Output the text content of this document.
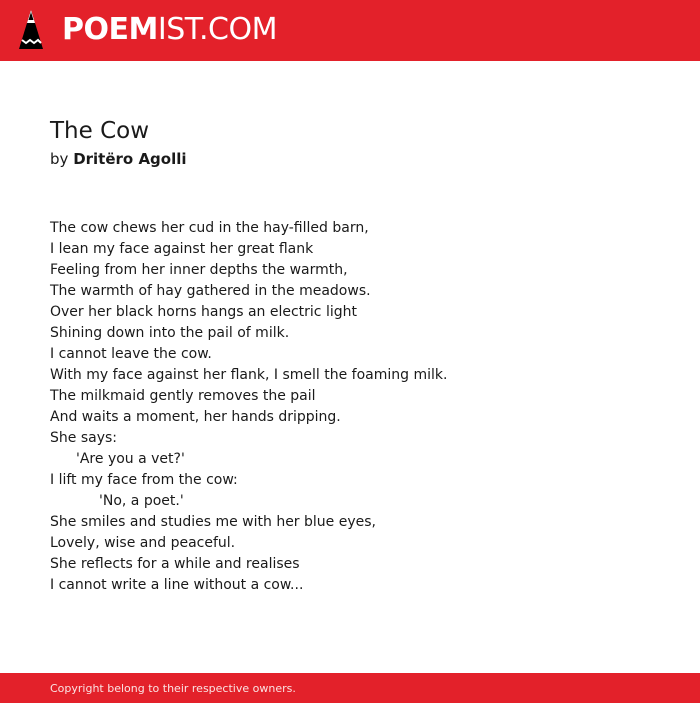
POEMIST.COM
The Cow

by Dritëro Agolli

The cow chews her cud in the hay-filled barn,
I lean my face against her great flank
Feeling from her inner depths the warmth,
The warmth of hay gathered in the meadows.
Over her black horns hangs an electric light
Shining down into the pail of milk.
I cannot leave the cow.
With my face against her flank, I smell the foaming milk.
The milkmaid gently removes the pail
And waits a moment, her hands dripping.
She says:
'Are you a vet?'
I lift my face from the cow:
'No, a poet.'
She smiles and studies me with her blue eyes,
Lovely, wise and peaceful.
She reflects for a while and realises
I cannot write a line without a cow...
Copyright belong to their respective owners.
